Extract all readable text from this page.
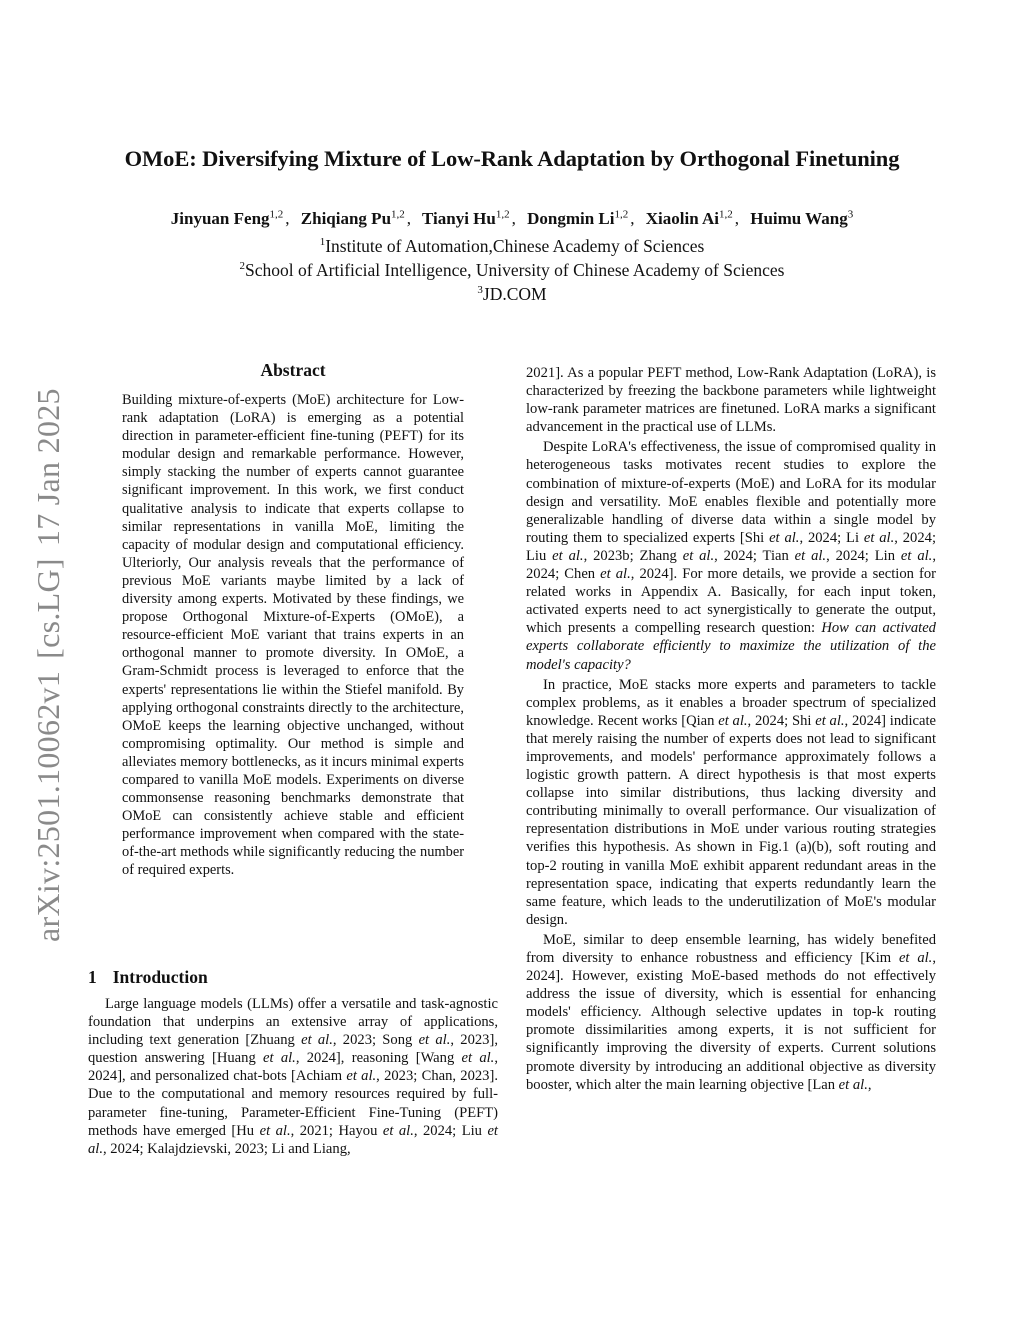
OMoE: Diversifying Mixture of Low-Rank Adaptation by Orthogonal Finetuning
Jinyuan Feng$^{1,2}$ , Zhiqiang Pu$^{1,2}$ , Tianyi Hu$^{1,2}$ , Dongmin Li$^{1,2}$ , Xiaolin Ai$^{1,2}$ , Huimu Wang$^3$
$^1$Institute of Automation,Chinese Academy of Sciences
$^2$School of Artificial Intelligence, University of Chinese Academy of Sciences
$^3$JD.COM
arXiv:2501.10062v1[cs.LG]17 Jan 2025
Abstract
Building mixture-of-experts (MoE) architecture for Low-rank adaptation (LoRA) is emerging as a potential direction in parameter-efficient fine-tuning (PEFT) for its modular design and remarkable performance. However, simply stacking the number of experts cannot guarantee significant improvement. In this work, we first conduct qualitative analysis to indicate that experts collapse to similar representations in vanilla MoE, limiting the capacity of modular design and computational efficiency. Ulteriorly, Our analysis reveals that the performance of previous MoE variants maybe limited by a lack of diversity among experts. Motivated by these findings, we propose Orthogonal Mixture-of-Experts (OMoE), a resource-efficient MoE variant that trains experts in an orthogonal manner to promote diversity. In OMoE, a Gram-Schmidt process is leveraged to enforce that the experts' representations lie within the Stiefel manifold. By applying orthogonal constraints directly to the architecture, OMoE keeps the learning objective unchanged, without compromising optimality. Our method is simple and alleviates memory bottlenecks, as it incurs minimal experts compared to vanilla MoE models. Experiments on diverse commonsense reasoning benchmarks demonstrate that OMoE can consistently achieve stable and efficient performance improvement when compared with the state-of-the-art methods while significantly reducing the number of required experts.
1 Introduction

Large language models (LLMs) offer a versatile and task-agnostic foundation that underpins an extensive array of applications, including text generation [Zhuang et al., 2023; Song et al., 2023], question answering [Huang et al., 2024], reasoning [Wang et al., 2024], and personalized chat-bots [Achiam et al., 2023; Chan, 2023]. Due to the computational and memory resources required by full-parameter fine-tuning, Parameter-Efficient Fine-Tuning (PEFT) methods have emerged [Hu et al., 2021; Hayou et al., 2024; Liu et al., 2024; Kalajdzievski, 2023; Li and Liang,

2021]. As a popular PEFT method, Low-Rank Adaptation (LoRA), is characterized by freezing the backbone parameters while lightweight low-rank parameter matrices are finetuned. LoRA marks a significant advancement in the practical use of LLMs.

Despite LoRA's effectiveness, the issue of compromised quality in heterogeneous tasks motivates recent studies to explore the combination of mixture-of-experts (MoE) and LoRA for its modular design and versatility. MoE enables flexible and potentially more generalizable handling of diverse data within a single model by routing them to specialized experts [Shi et al., 2024; Li et al., 2024; Liu et al., 2023b; Zhang et al., 2024; Tian et al., 2024; Lin et al., 2024; Chen et al., 2024]. For more details, we provide a section for related works in Appendix A. Basically, for each input token, activated experts need to act synergistically to generate the output, which presents a compelling research question: How can activated experts collaborate efficiently to maximize the utilization of the model's capacity?

In practice, MoE stacks more experts and parameters to tackle complex problems, as it enables a broader spectrum of specialized knowledge. Recent works [Qian et al., 2024; Shi et al., 2024] indicate that merely raising the number of experts does not lead to significant improvements, and models' performance approximately follows a logistic growth pattern. A direct hypothesis is that most experts collapse into similar distributions, thus lacking diversity and contributing minimally to overall performance. Our visualization of representation distributions in MoE under various routing strategies verifies this hypothesis. As shown in Fig.1 (a)(b), soft routing and top-2 routing in vanilla MoE exhibit apparent redundant areas in the representation space, indicating that experts redundantly learn the same feature, which leads to the underutilization of MoE's modular design.

MoE, similar to deep ensemble learning, has widely benefited from diversity to enhance robustness and efficiency [Kim et al., 2024]. However, existing MoE-based methods do not effectively address the issue of diversity, which is essential for enhancing models' efficiency. Although selective updates in top-k routing promote dissimilarities among experts, it is not sufficient for significantly improving the diversity of experts. Current solutions promote diversity by introducing an additional objective as diversity booster, which alter the main learning objective [Lan et al.,
